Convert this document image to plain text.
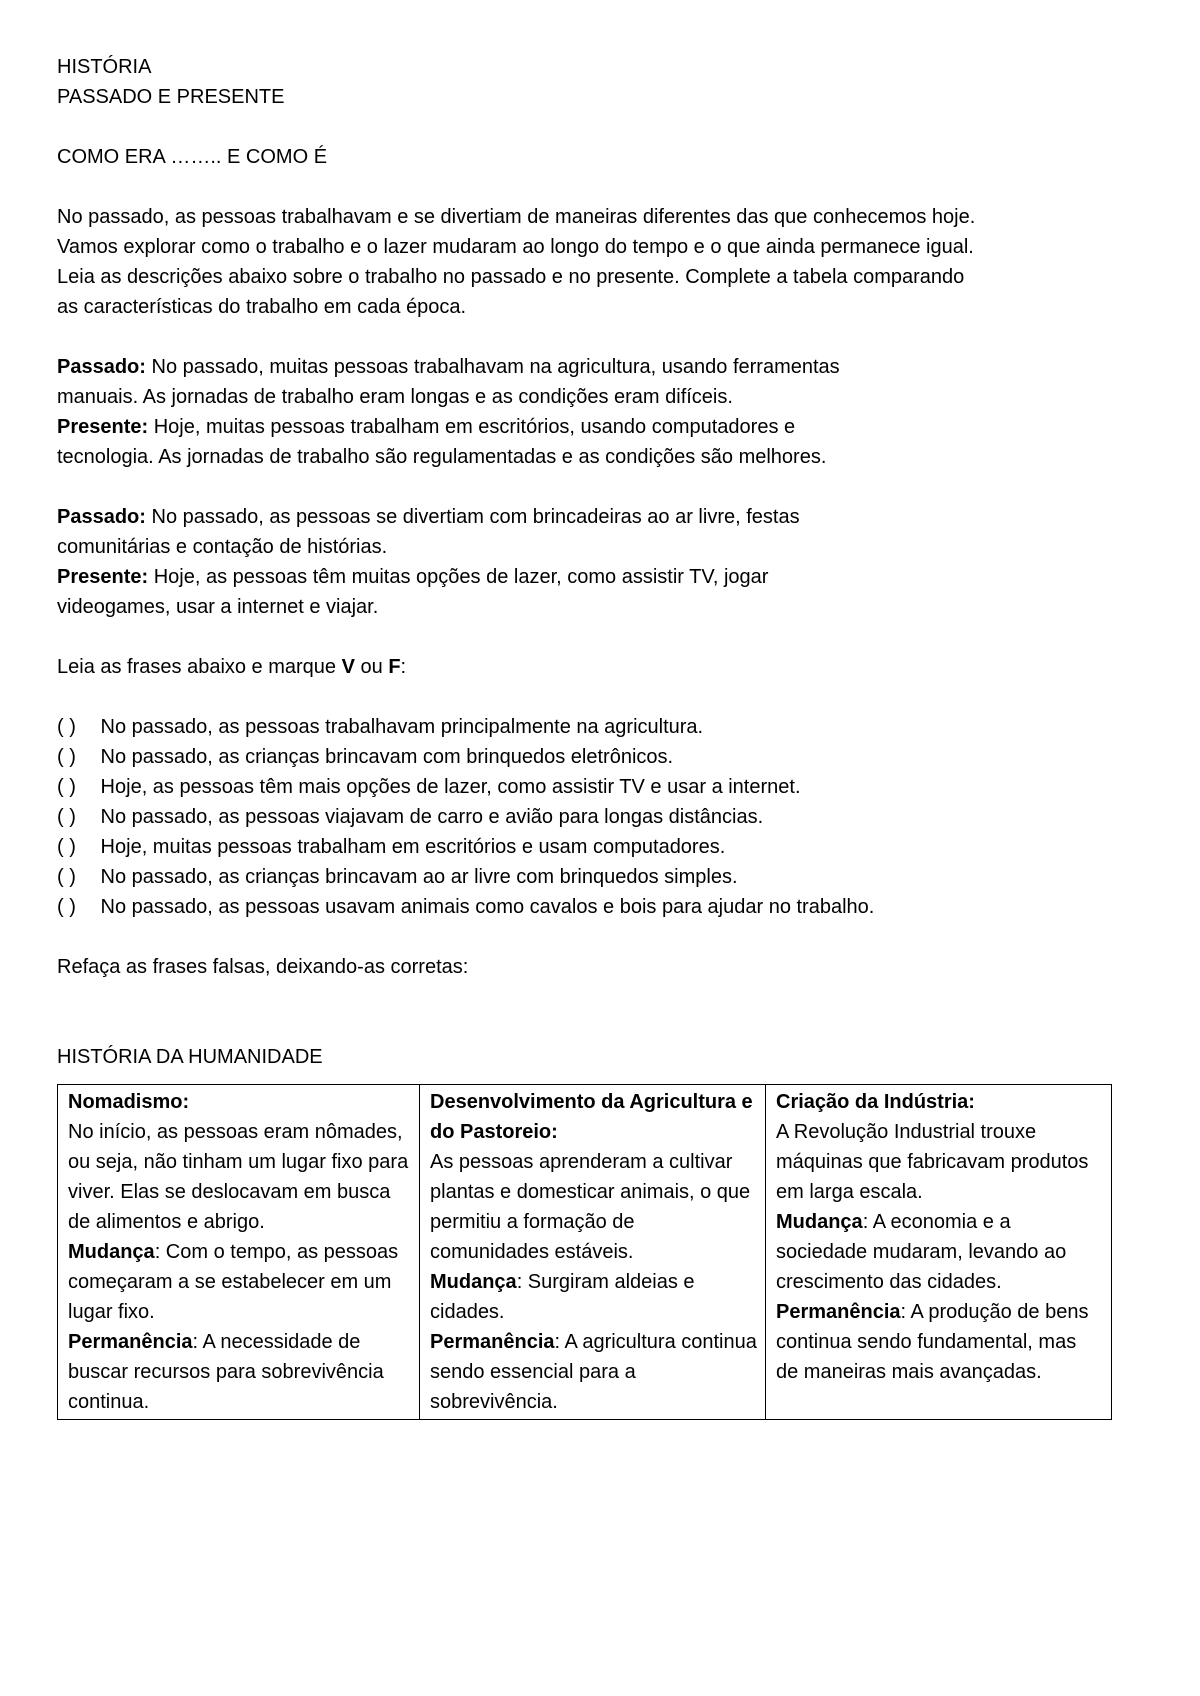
HISTÓRIA

PASSADO E PRESENTE

COMO ERA …….. E COMO É

No passado, as pessoas trabalhavam e se divertiam de maneiras diferentes das que conhecemos hoje.

Vamos explorar como o trabalho e o lazer mudaram ao longo do tempo e o que ainda permanece igual.

Leia as descrições abaixo sobre o trabalho no passado e no presente. Complete a tabela comparando

as características do trabalho em cada época.

Passado: No passado, muitas pessoas trabalhavam na agricultura, usando ferramentas

manuais. As jornadas de trabalho eram longas e as condições eram difíceis.

Presente: Hoje, muitas pessoas trabalham em escritórios, usando computadores e

tecnologia. As jornadas de trabalho são regulamentadas e as condições são melhores.

Passado: No passado, as pessoas se divertiam com brincadeiras ao ar livre, festas

comunitárias e contação de histórias.

Presente: Hoje, as pessoas têm muitas opções de lazer, como assistir TV, jogar

videogames, usar a internet e viajar.

Leia as frases abaixo e marque V ou F:

( ) No passado, as pessoas trabalhavam principalmente na agricultura.

( ) No passado, as crianças brincavam com brinquedos eletrônicos.

( ) Hoje, as pessoas têm mais opções de lazer, como assistir TV e usar a internet.

( ) No passado, as pessoas viajavam de carro e avião para longas distâncias.

( ) Hoje, muitas pessoas trabalham em escritórios e usam computadores.

( ) No passado, as crianças brincavam ao ar livre com brinquedos simples.

( ) No passado, as pessoas usavam animais como cavalos e bois para ajudar no trabalho.

Refaça as frases falsas, deixando-as corretas:

HISTÓRIA DA HUMANIDADE

Nomadismo:
No início, as pessoas eram nômades, ou seja, não tinham um lugar fixo para viver. Elas se deslocavam em busca de alimentos e abrigo.
Mudança: Com o tempo, as pessoas começaram a se estabelecer em um lugar fixo.
Permanência: A necessidade de buscar recursos para sobrevivência continua.

Desenvolvimento da Agricultura e do Pastoreio:
As pessoas aprenderam a cultivar plantas e domesticar animais, o que permitiu a formação de comunidades estáveis.
Mudança: Surgiram aldeias e cidades.
Permanência: A agricultura continua sendo essencial para a sobrevivência.

Criação da Indústria:
A Revolução Industrial trouxe máquinas que fabricavam produtos em larga escala.
Mudança: A economia e a sociedade mudaram, levando ao crescimento das cidades.
Permanência: A produção de bens continua sendo fundamental, mas de maneiras mais avançadas.
